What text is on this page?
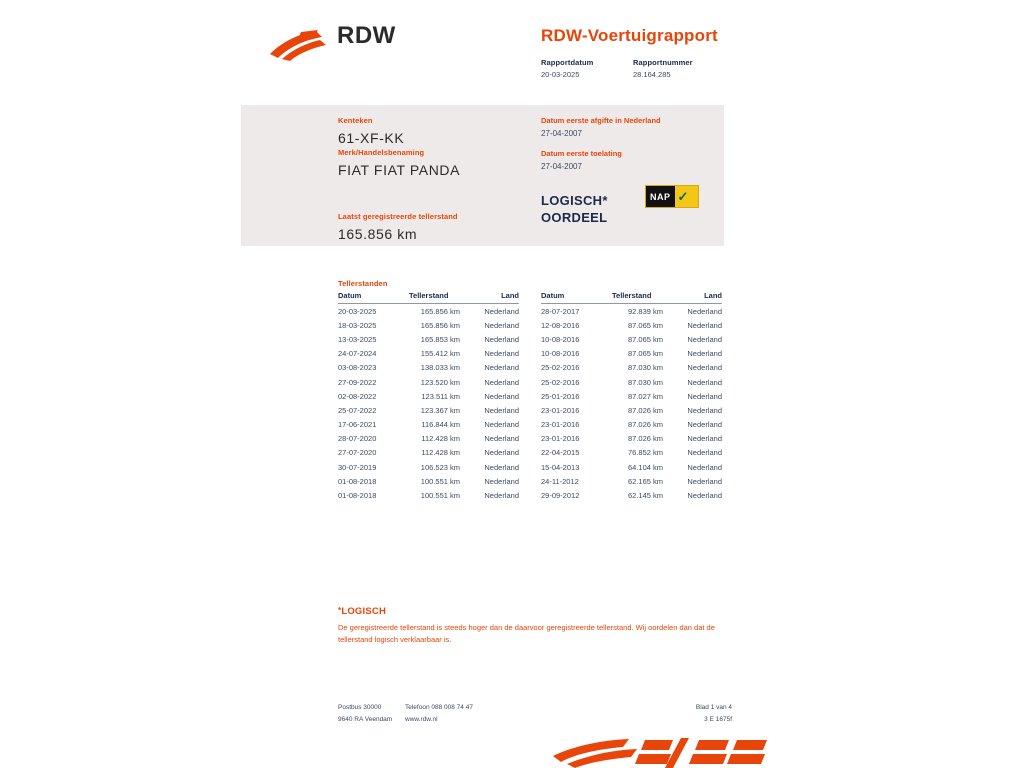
RDW	RDW-Voertuigrapport
Rapportdatum
20-03-2025
Rapportnummer
28.164.285
Kenteken
61-XF-KK
Merk/Handelsbenaming
FIAT FIAT PANDA
Laatst geregistreerde tellerstand
165.856 km
Datum eerste afgifte in Nederland
27-04-2007
Datum eerste toelating
27-04-2007
LOGISCH*
OORDEEL
NAP ✓
Tellerstanden
Datum	Tellerstand	Land
20-03-2025	165.856 km	Nederland
18-03-2025	165.856 km	Nederland
13-03-2025	165.853 km	Nederland
24-07-2024	155.412 km	Nederland
03-08-2023	138.033 km	Nederland
27-09-2022	123.520 km	Nederland
02-08-2022	123.511 km	Nederland
25-07-2022	123.367 km	Nederland
17-06-2021	116.844 km	Nederland
28-07-2020	112.428 km	Nederland
27-07-2020	112.428 km	Nederland
30-07-2019	106.523 km	Nederland
01-08-2018	100.551 km	Nederland
01-08-2018	100.551 km	Nederland
Datum	Tellerstand	Land
28-07-2017	92.839 km	Nederland
12-08-2016	87.065 km	Nederland
10-08-2016	87.065 km	Nederland
10-08-2016	87.065 km	Nederland
25-02-2016	87.030 km	Nederland
25-02-2016	87.030 km	Nederland
25-01-2016	87.027 km	Nederland
23-01-2016	87.026 km	Nederland
23-01-2016	87.026 km	Nederland
23-01-2016	87.026 km	Nederland
22-04-2015	76.852 km	Nederland
15-04-2013	64.104 km	Nederland
24-11-2012	62.165 km	Nederland
29-09-2012	62.145 km	Nederland
*LOGISCH
De geregistreerde tellerstand is steeds hoger dan de daarvoor geregistreerde tellerstand. Wij oordelen dan dat de tellerstand logisch verklaarbaar is.
Postbus 30000	Telefoon 088 008 74 47	Blad 1 van 4
9640 RA Veendam	www.rdw.nl	3 E 1675f
